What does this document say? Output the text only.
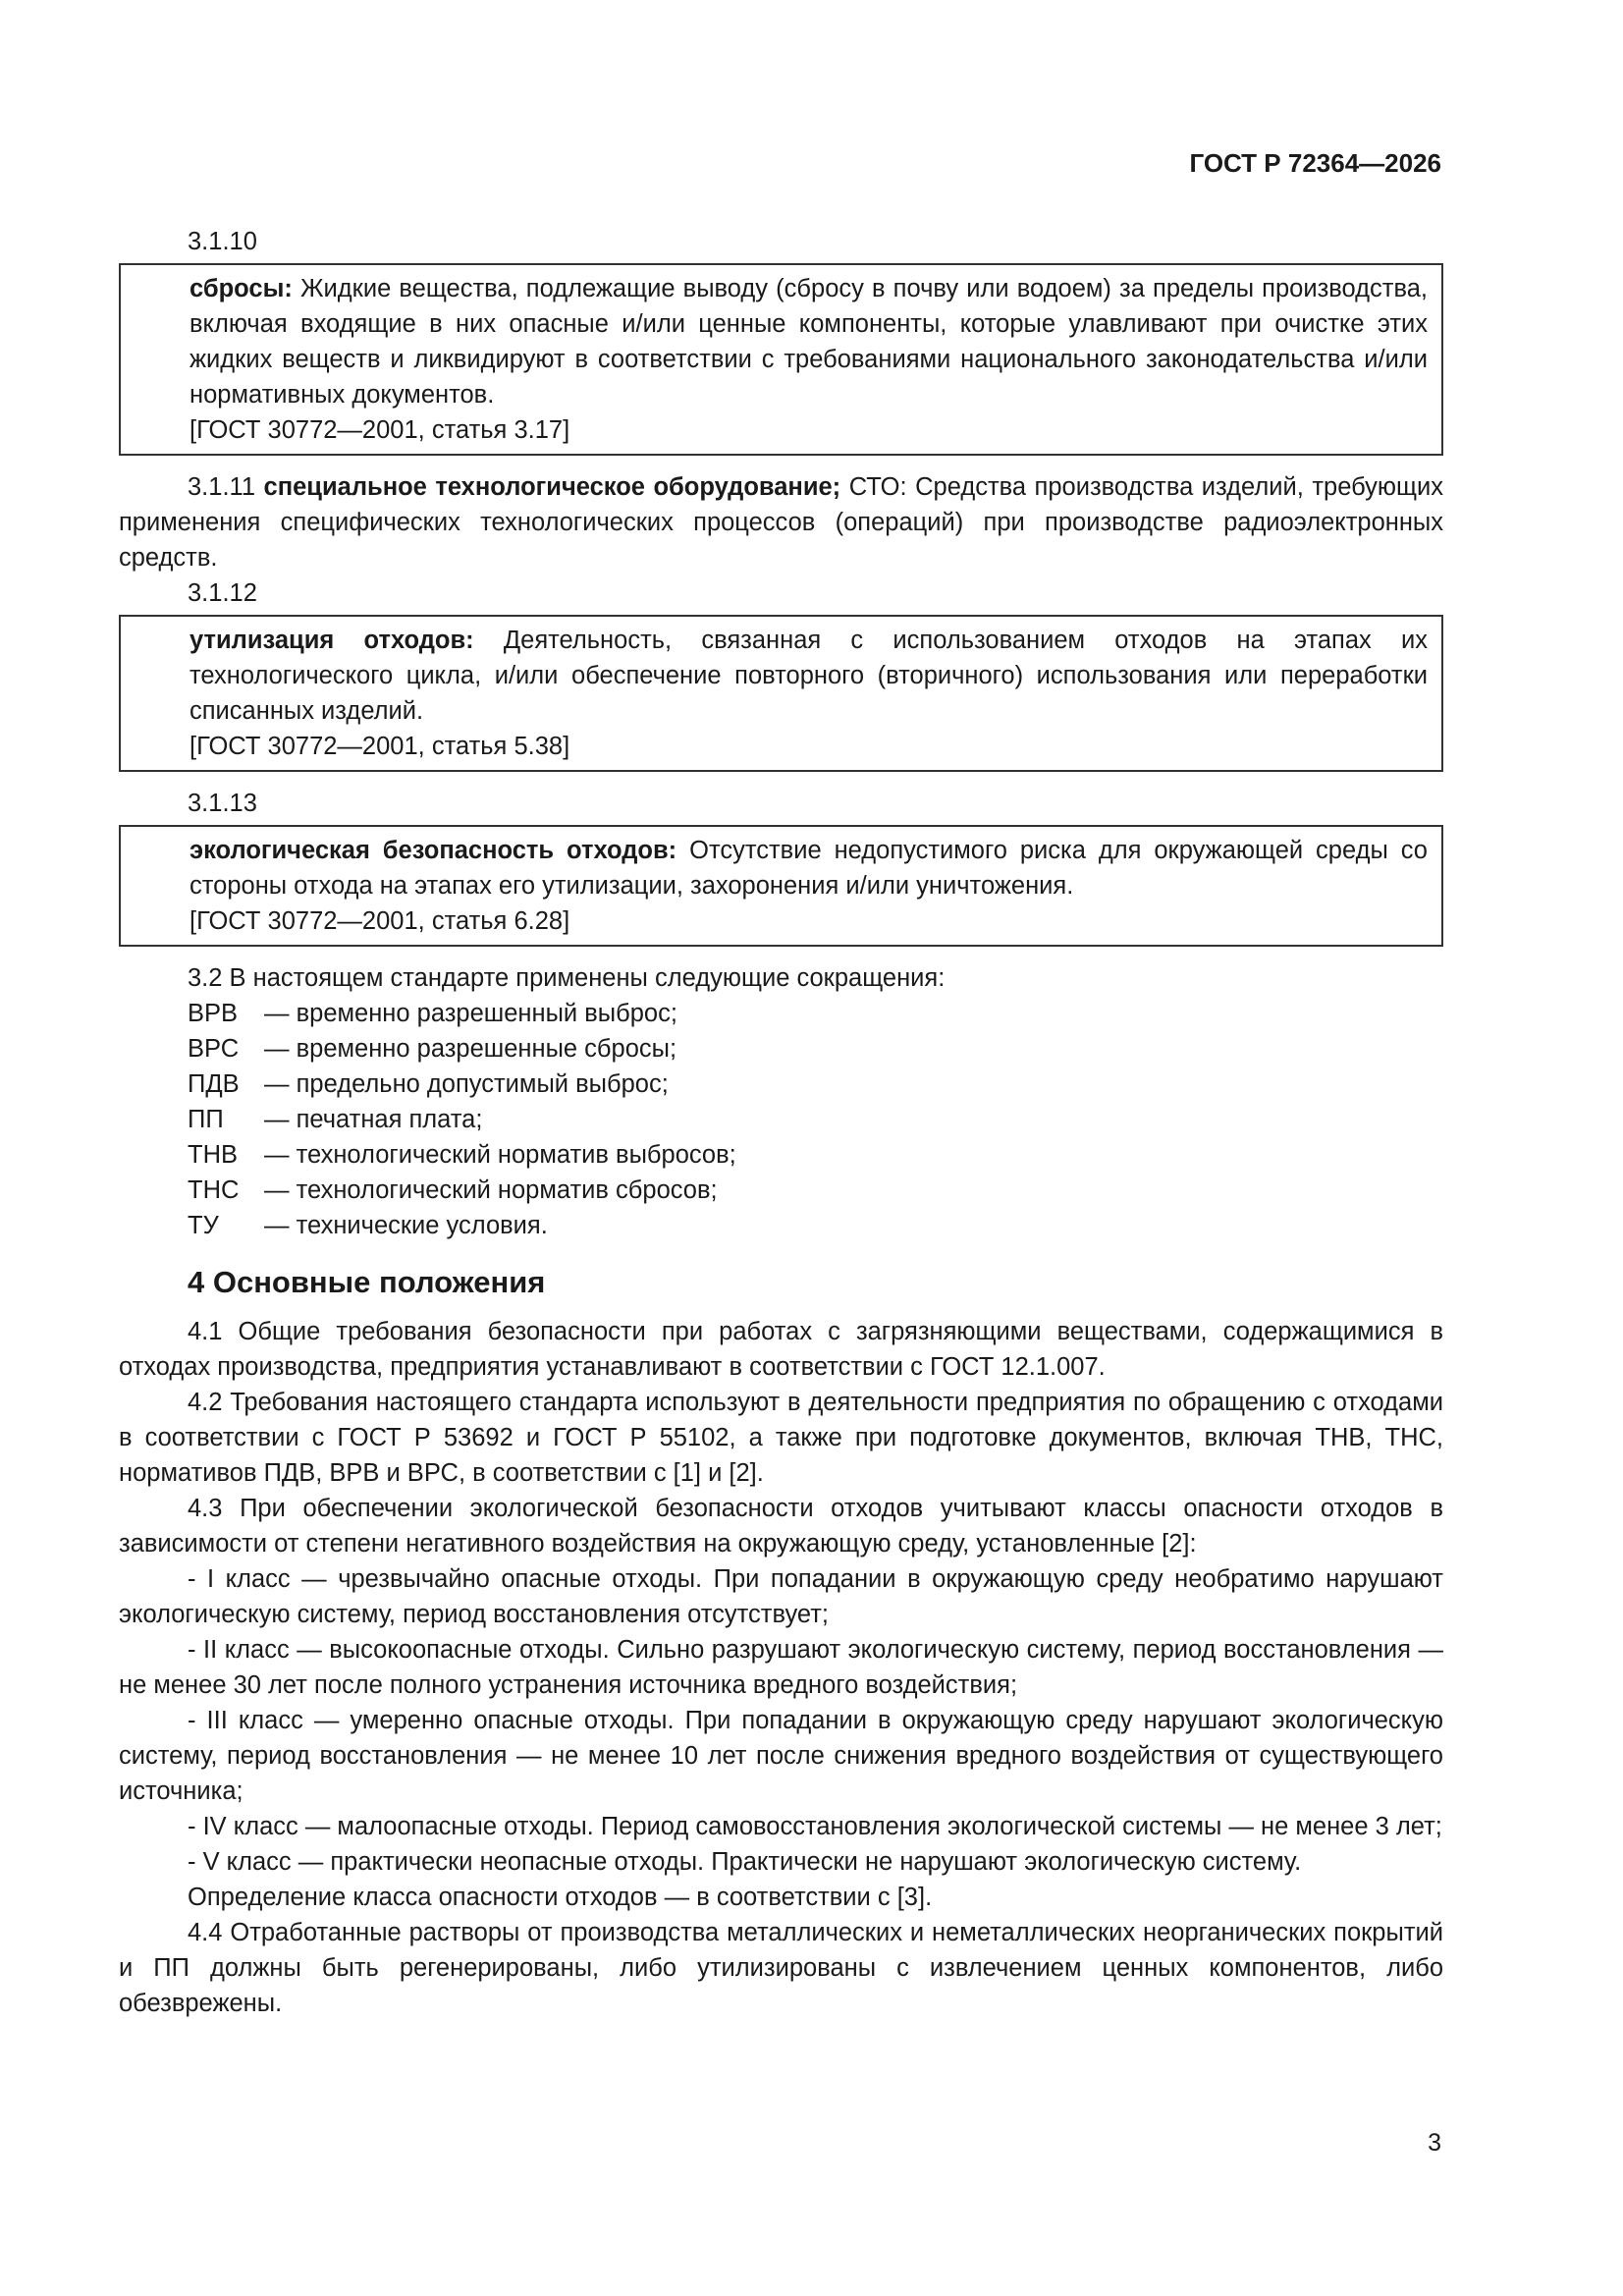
ГОСТ Р 72364—2026

3.1.10

сбросы: Жидкие вещества, подлежащие выводу (сбросу в почву или водоем) за пределы производства, включая входящие в них опасные и/или ценные компоненты, которые улавливают при очистке этих жидких веществ и ликвидируют в соответствии с требованиями национального законодательства и/или нормативных документов.

[ГОСТ 30772—2001, статья 3.17]

3.1.11 специальное технологическое оборудование; СТО: Средства производства изделий, требующих применения специфических технологических процессов (операций) при производстве радиоэлектронных средств.

3.1.12

утилизация отходов: Деятельность, связанная с использованием отходов на этапах их технологического цикла, и/или обеспечение повторного (вторичного) использования или переработки списанных изделий.

[ГОСТ 30772—2001, статья 5.38]

3.1.13

экологическая безопасность отходов: Отсутствие недопустимого риска для окружающей среды со стороны отхода на этапах его утилизации, захоронения и/или уничтожения.

[ГОСТ 30772—2001, статья 6.28]

3.2 В настоящем стандарте применены следующие сокращения:

ВРВ	— временно разрешенный выброс;
ВРС	— временно разрешенные сбросы;
ПДВ — предельно допустимый выброс;
ПП	— печатная плата;
ТНВ	— технологический норматив выбросов;
ТНС	— технологический норматив сбросов;
ТУ	— технические условия.
4 Основные положения

4.1 Общие требования безопасности при работах с загрязняющими веществами, содержащимися в отходах производства, предприятия устанавливают в соответствии с ГОСТ 12.1.007.

4.2 Требования настоящего стандарта используют в деятельности предприятия по обращению с отходами в соответствии с ГОСТ Р 53692 и ГОСТ Р 55102, а также при подготовке документов, включая ТНВ, ТНС, нормативов ПДВ, ВРВ и ВРС, в соответствии с [1] и [2].

4.3 При обеспечении экологической безопасности отходов учитывают классы опасности отходов в зависимости от степени негативного воздействия на окружающую среду, установленные [2]:

- I класс — чрезвычайно опасные отходы. При попадании в окружающую среду необратимо нарушают экологическую систему, период восстановления отсутствует;

- II класс — высокоопасные отходы. Сильно разрушают экологическую систему, период восстановления — не менее 30 лет после полного устранения источника вредного воздействия;

- III класс — умеренно опасные отходы. При попадании в окружающую среду нарушают экологическую систему, период восстановления — не менее 10 лет после снижения вредного воздействия от существующего источника;

- IV класс — малоопасные отходы. Период самовосстановления экологической системы — не менее 3 лет;

- V класс — практически неопасные отходы. Практически не нарушают экологическую систему.

Определение класса опасности отходов — в соответствии с [3].

4.4 Отработанные растворы от производства металлических и неметаллических неорганических покрытий и ПП должны быть регенерированы, либо утилизированы с извлечением ценных компонентов, либо обезврежены.

3
